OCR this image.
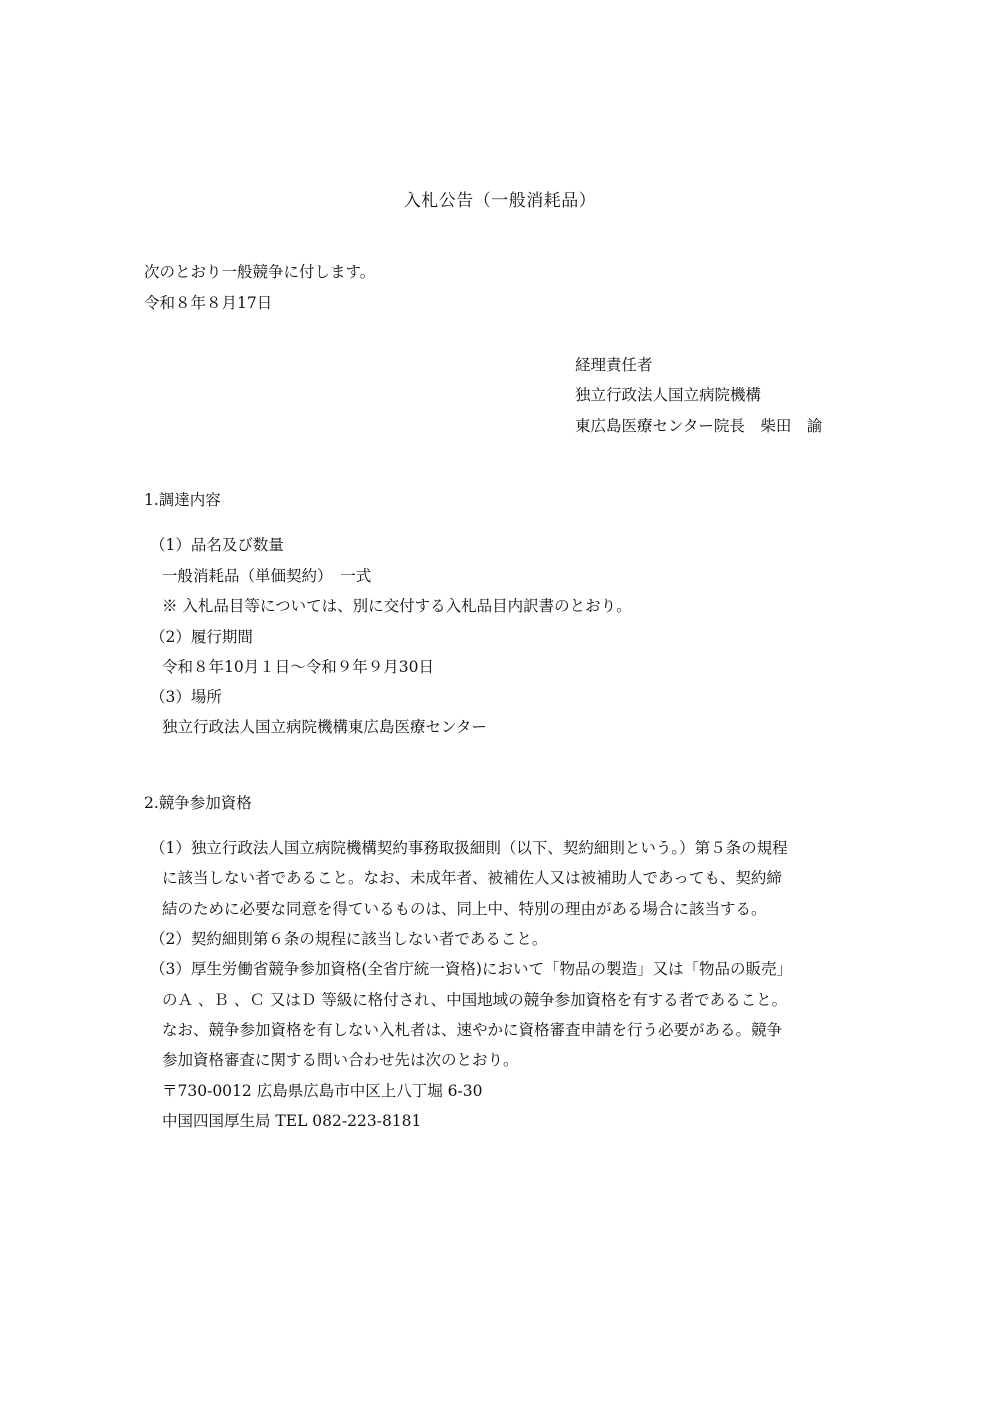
入札公告（一般消耗品）
次のとおり一般競争に付します。
令和８年８月17日
経理責任者
独立行政法人国立病院機構
東広島医療センター院長　柴田　諭
1.調達内容
（1）品名及び数量
一般消耗品（単価契約）　一式
※ 入札品目等については、別に交付する入札品目内訳書のとおり。
（2）履行期間
令和８年10月１日～令和９年９月30日
（3）場所
独立行政法人国立病院機構東広島医療センター
2.競争参加資格
（1）独立行政法人国立病院機構契約事務取扱細則（以下、契約細則という。）第５条の規程
に該当しない者であること。なお、未成年者、被補佐人又は被補助人であっても、契約締
結のために必要な同意を得ているものは、同上中、特別の理由がある場合に該当する。
（2）契約細則第６条の規程に該当しない者であること。
（3）厚生労働省競争参加資格(全省庁統一資格)において「物品の製造」又は「物品の販売」
のＡ 、Ｂ 、Ｃ 又はＤ 等級に格付され、中国地域の競争参加資格を有する者であること。
なお、競争参加資格を有しない入札者は、速やかに資格審査申請を行う必要がある。競争
参加資格審査に関する問い合わせ先は次のとおり。
〒730-0012 広島県広島市中区上八丁堀 6-30
中国四国厚生局 TEL 082-223-8181
